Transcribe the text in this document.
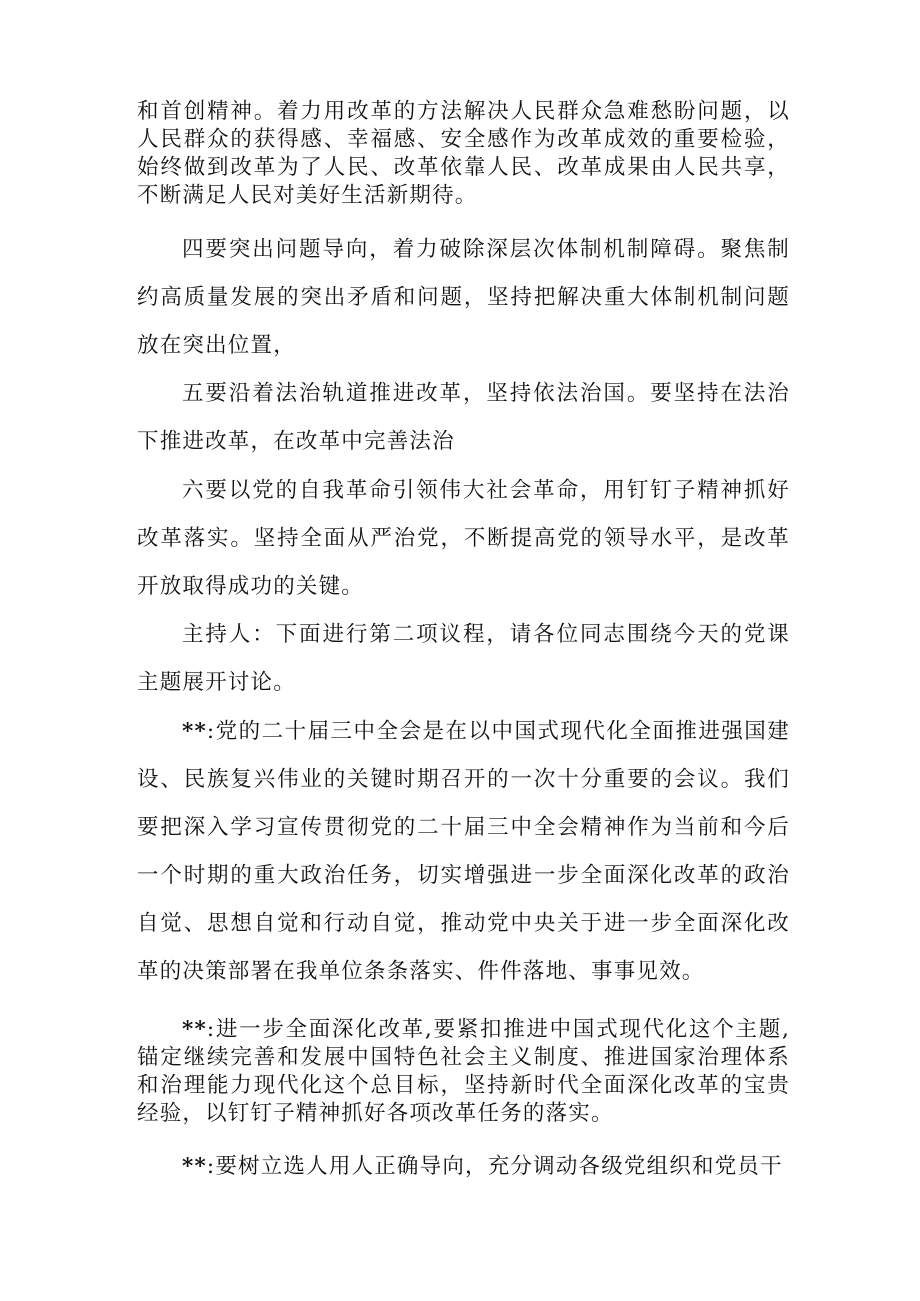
和首创精神。着力用改革的方法解决人民群众急难愁盼问题，以人民群众的获得感、幸福感、安全感作为改革成效的重要检验，始终做到改革为了人民、改革依靠人民、改革成果由人民共享，不断满足人民对美好生活新期待。

四要突出问题导向，着力破除深层次体制机制障碍。聚焦制约高质量发展的突出矛盾和问题，坚持把解决重大体制机制问题放在突出位置，

五要沿着法治轨道推进改革，坚持依法治国。要坚持在法治下推进改革，在改革中完善法治

六要以党的自我革命引领伟大社会革命，用钉钉子精神抓好改革落实。坚持全面从严治党，不断提高党的领导水平，是改革开放取得成功的关键。

主持人：下面进行第二项议程，请各位同志围绕今天的党课主题展开讨论。

**:党的二十届三中全会是在以中国式现代化全面推进强国建设、民族复兴伟业的关键时期召开的一次十分重要的会议。我们要把深入学习宣传贯彻党的二十届三中全会精神作为当前和今后一个时期的重大政治任务，切实增强进一步全面深化改革的政治自觉、思想自觉和行动自觉，推动党中央关于进一步全面深化改革的决策部署在我单位条条落实、件件落地、事事见效。

**:进一步全面深化改革,要紧扣推进中国式现代化这个主题,锚定继续完善和发展中国特色社会主义制度、推进国家治理体系和治理能力现代化这个总目标，坚持新时代全面深化改革的宝贵经验，以钉钉子精神抓好各项改革任务的落实。

**:要树立选人用人正确导向，充分调动各级党组织和党员干
